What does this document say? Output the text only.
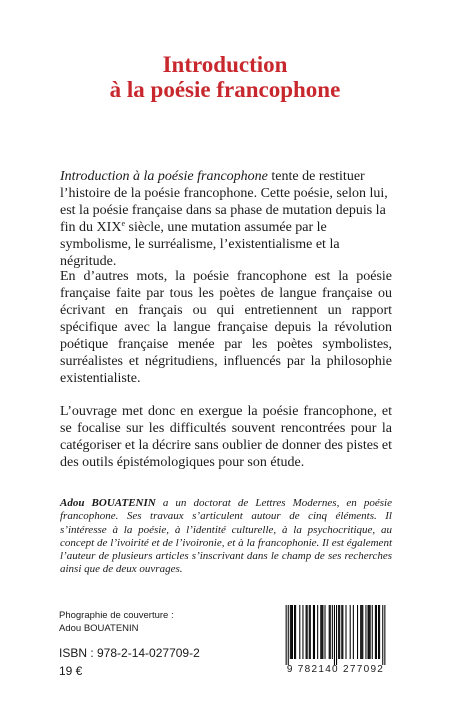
Introduction
à la poésie francophone

Introduction à la poésie francophone tente de restituer l’histoire de la poésie francophone. Cette poésie, selon lui, est la poésie française dans sa phase de mutation depuis la fin du XIXe siècle, une mutation assumée par le symbolisme, le surréalisme, l’existentialisme et la négritude.

En d’autres mots, la poésie francophone est la poésie française faite par tous les poètes de langue française ou écrivant en français ou qui entretiennent un rapport spécifique avec la langue française depuis la révolution poétique française menée par les poètes symbolistes, surréalistes et négritudiens, influencés par la philosophie existentialiste.

L’ouvrage met donc en exergue la poésie francophone, et se focalise sur les difficultés souvent rencontrées pour la catégoriser et la décrire sans oublier de donner des pistes et des outils épistémologiques pour son étude.

Adou BOUATENIN a un doctorat de Lettres Modernes, en poésie francophone. Ses travaux s’articulent autour de cinq éléments. Il s’intéresse à la poésie, à l’identité culturelle, à la psychocritique, au concept de l’ivoirité et de l’ivoironie, et à la francophonie. Il est également l’auteur de plusieurs articles s’inscrivant dans le champ de ses recherches ainsi que de deux ouvrages.

Phographie de couverture :
Adou BOUATENIN
ISBN : 978-2-14-027709-2
19 €	9 782140 277092
